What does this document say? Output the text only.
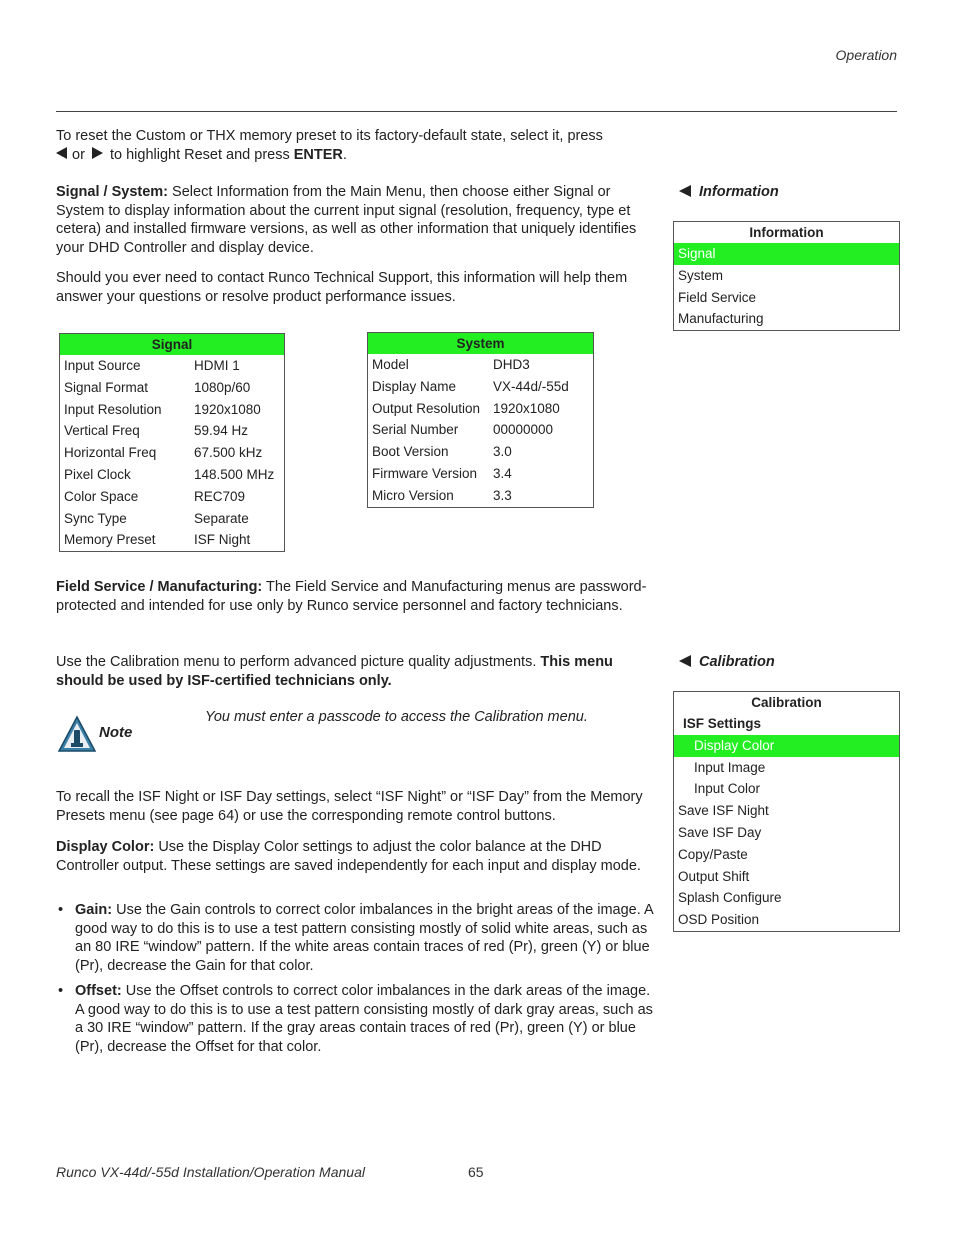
Operation
To reset the Custom or THX memory preset to its factory-default state, select it, press
or to highlight Reset and press ENTER.
Signal / System: Select Information from the Main Menu, then choose either Signal or System to display information about the current input signal (resolution, frequency, type et cetera) and installed firmware versions, as well as other information that uniquely identifies your DHD Controller and display device.
Should you ever need to contact Runco Technical Support, this information will help them answer your questions or resolve product performance issues.
Information
Information
Signal
System
Field Service
Manufacturing
Signal
Input Source	HDMI 1
Signal Format	1080p/60
Input Resolution	1920x1080
Vertical Freq	59.94 Hz
Horizontal Freq	67.500 kHz
Pixel Clock	148.500 MHz
Color Space	REC709
Sync Type	Separate
Memory Preset	ISF Night
System
Model	DHD3
Display Name	VX-44d/-55d
Output Resolution 1920x1080
Serial Number	00000000
Boot Version	3.0
Firmware Version	3.4
Micro Version	3.3
Field Service / Manufacturing: The Field Service and Manufacturing menus are password-protected and intended for use only by Runco service personnel and factory technicians.
Use the Calibration menu to perform advanced picture quality adjustments. This menu should be used by ISF-certified technicians only.
Calibration
Calibration
ISF Settings
Display Color
Input Image
Input Color
Save ISF Night
Save ISF Day
Copy/Paste
Output Shift
Splash Configure
OSD Position
Note
You must enter a passcode to access the Calibration menu.
To recall the ISF Night or ISF Day settings, select “ISF Night” or “ISF Day” from the Memory Presets menu (see page 64) or use the corresponding remote control buttons.
Display Color: Use the Display Color settings to adjust the color balance at the DHD Controller output. These settings are saved independently for each input and display mode.
• Gain: Use the Gain controls to correct color imbalances in the bright areas of the image. A good way to do this is to use a test pattern consisting mostly of solid white areas, such as an 80 IRE “window” pattern. If the white areas contain traces of red (Pr), green (Y) or blue (Pr), decrease the Gain for that color.
• Offset: Use the Offset controls to correct color imbalances in the dark areas of the image. A good way to do this is to use a test pattern consisting mostly of dark gray areas, such as a 30 IRE “window” pattern. If the gray areas contain traces of red (Pr), green (Y) or blue (Pr), decrease the Offset for that color.
Runco VX-44d/-55d Installation/Operation Manual	65
